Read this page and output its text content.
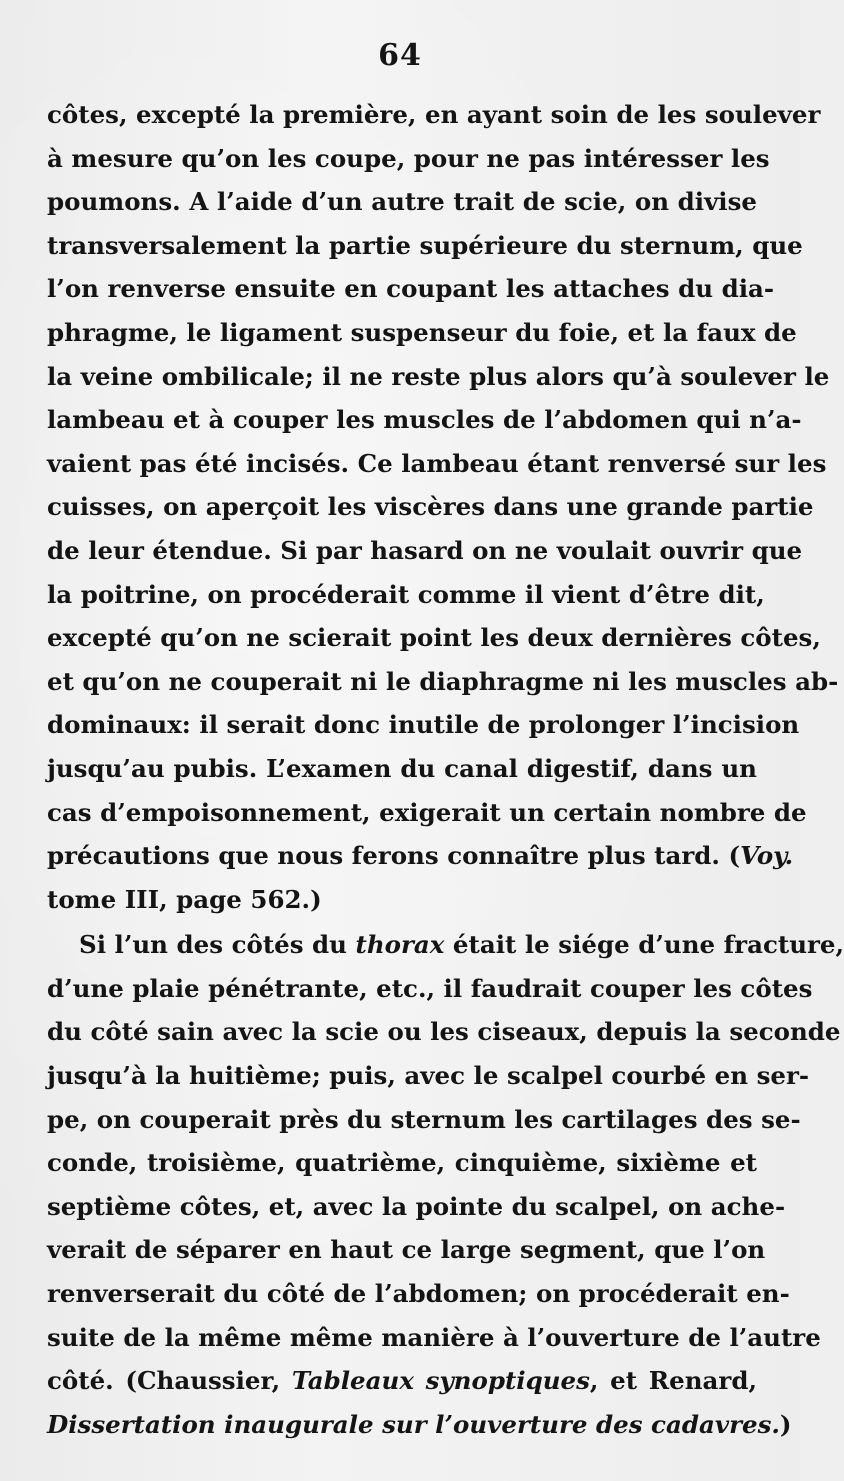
64
côtes, excepté la première, en ayant soin de les soulever
à mesure qu’on les coupe, pour ne pas intéresser les
poumons. A l’aide d’un autre trait de scie, on divise
transversalement la partie supérieure du sternum, que
l’on renverse ensuite en coupant les attaches du dia-
phragme, le ligament suspenseur du foie, et la faux de
la veine ombilicale; il ne reste plus alors qu’à soulever le
lambeau et à couper les muscles de l’abdomen qui n’a-
vaient pas été incisés. Ce lambeau étant renversé sur les
cuisses, on aperçoit les viscères dans une grande partie
de leur étendue. Si par hasard on ne voulait ouvrir que
la poitrine, on procéderait comme il vient d’être dit,
excepté qu’on ne scierait point les deux dernières côtes,
et qu’on ne couperait ni le diaphragme ni les muscles ab-
dominaux: il serait donc inutile de prolonger l’incision
jusqu’au pubis. L’examen du canal digestif, dans un
cas d’empoisonnement, exigerait un certain nombre de
précautions que nous ferons connaître plus tard. (Voy.
tome III, page 562.)
Si l’un des côtés du thorax était le siége d’une fracture,
d’une plaie pénétrante, etc., il faudrait couper les côtes
du côté sain avec la scie ou les ciseaux, depuis la seconde
jusqu’à la huitième; puis, avec le scalpel courbé en ser-
pe, on couperait près du sternum les cartilages des se-
conde, troisième, quatrième, cinquième, sixième et
septième côtes, et, avec la pointe du scalpel, on ache-
verait de séparer en haut ce large segment, que l’on
renverserait du côté de l’abdomen; on procéderait en-
suite de la même même manière à l’ouverture de l’autre
côté. (Chaussier, Tableaux synoptiques, et Renard,
Dissertation inaugurale sur l’ouverture des cadavres.)
